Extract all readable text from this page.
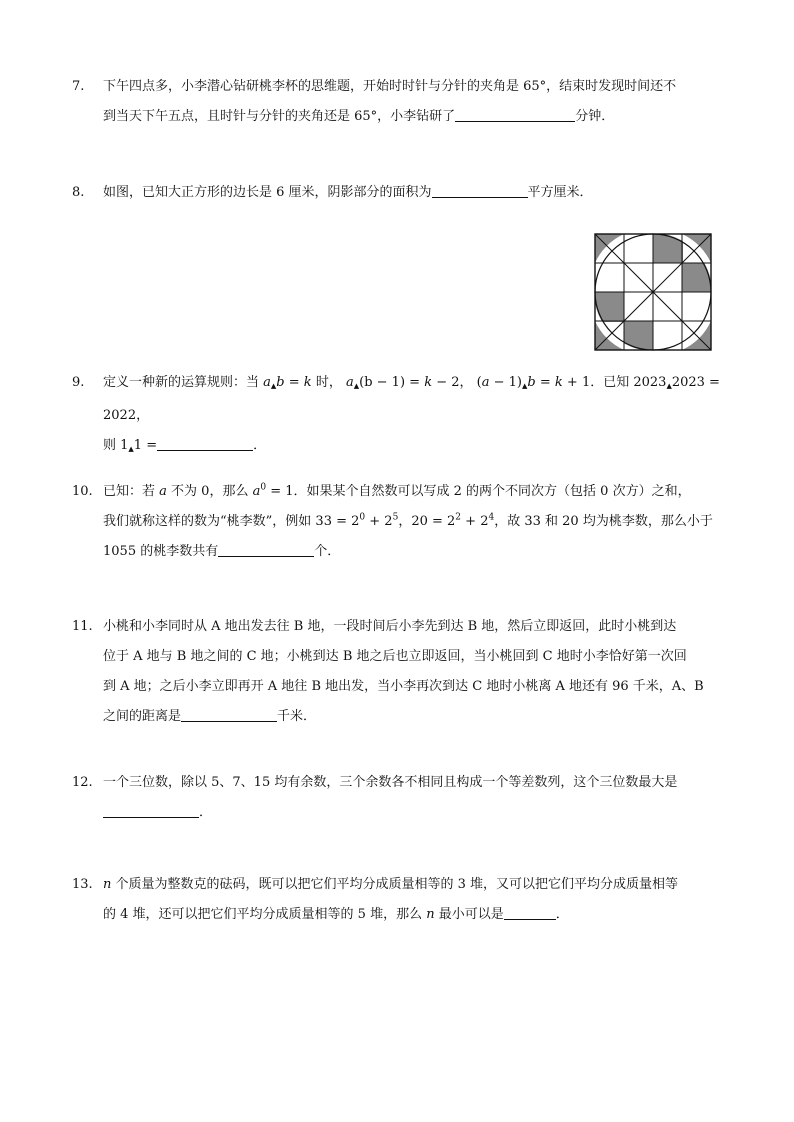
7. 下午四点多，小李潜心钻研桃李杯的思维题，开始时时针与分针的夹角是 65°，结束时发现时间还不
到当天下午五点，且时针与分针的夹角还是 65°，小李钻研了	分钟．
8. 如图，已知大正方形的边长是 6 厘米，阴影部分的面积为	平方厘米．
9. 定义一种新的运算规则：当 a▲b = k 时， a▲(b − 1) = k − 2， (a − 1)▲b = k + 1．已知 2023▲2023 = 2022，
则 1▲1 =	．
10. 已知：若 a 不为 0，那么 $a^0 = 1$．如果某个自然数可以写成 2 的两个不同次方（包括 0 次方）之和，
我们就称这样的数为“桃李数”，例如 $33 = 2^0 + 2^5$，$20 = 2^2 + 2^4$，故 33 和 20 均为桃李数，那么小于
1055 的桃李数共有	个．
11. 小桃和小李同时从 A 地出发去往 B 地，一段时间后小李先到达 B 地，然后立即返回，此时小桃到达
位于 A 地与 B 地之间的 C 地；小桃到达 B 地之后也立即返回，当小桃回到 C 地时小李恰好第一次回
到 A 地；之后小李立即再开 A 地往 B 地出发，当小李再次到达 C 地时小桃离 A 地还有 96 千米，A、B
之间的距离是	千米．
12. 一个三位数，除以 5、7、15 均有余数，三个余数各不相同且构成一个等差数列，这个三位数最大是
．
13. n 个质量为整数克的砝码，既可以把它们平均分成质量相等的 3 堆，又可以把它们平均分成质量相等
的 4 堆，还可以把它们平均分成质量相等的 5 堆，那么 n 最小可以是	．
